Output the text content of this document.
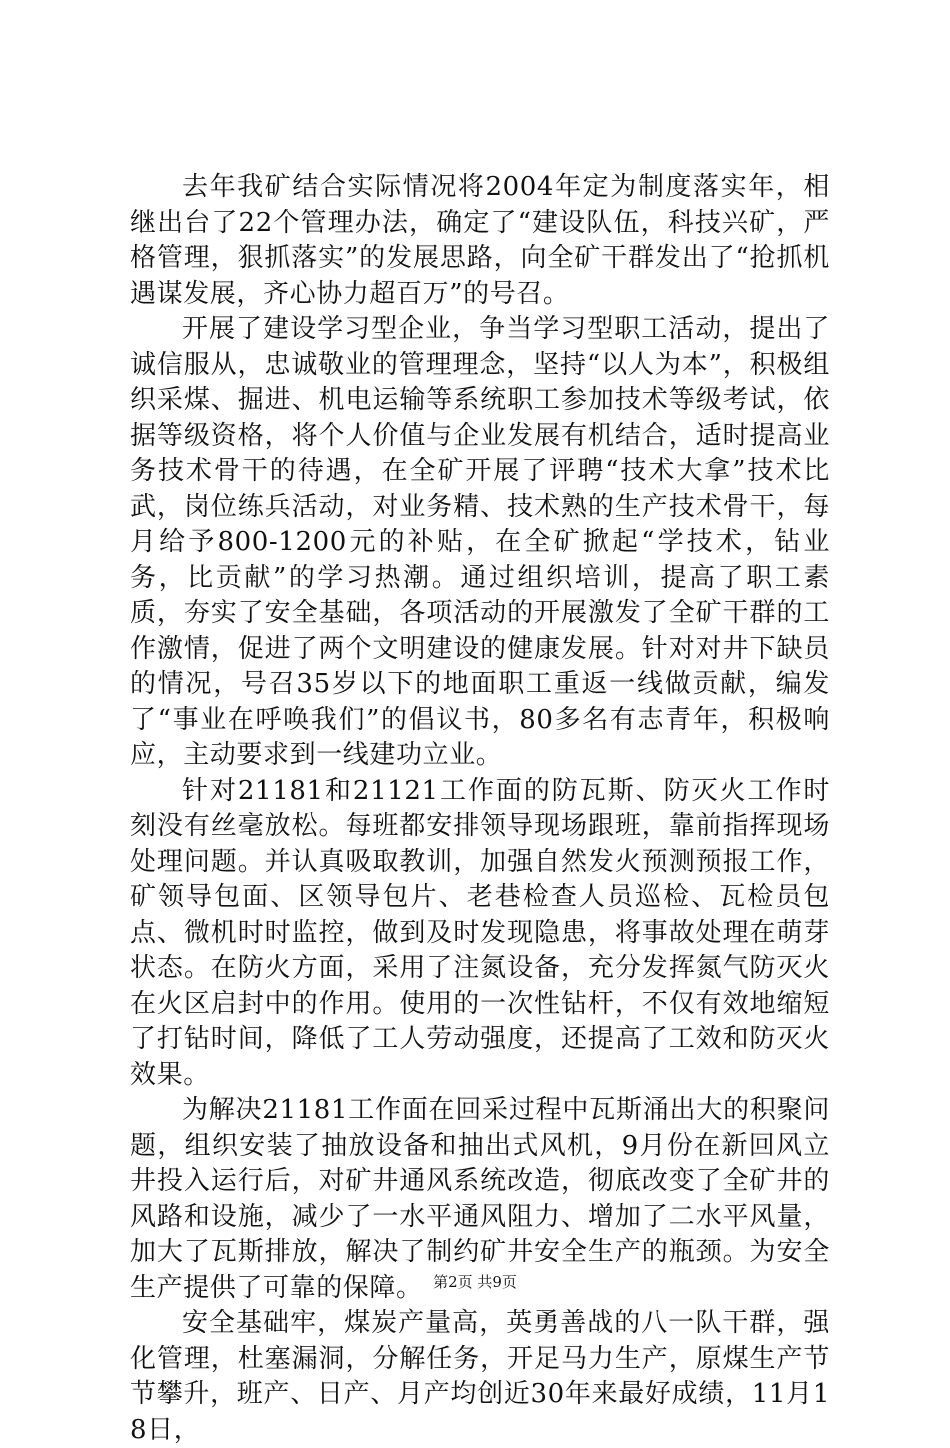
去年我矿结合实际情况将2004年定为制度落实年，相继出台了22个管理办法，确定了“建设队伍，科技兴矿，严格管理，狠抓落实”的发展思路，向全矿干群发出了“抢抓机遇谋发展，齐心协力超百万”的号召。

开展了建设学习型企业，争当学习型职工活动，提出了诚信服从，忠诚敬业的管理理念，坚持“以人为本”，积极组织采煤、掘进、机电运输等系统职工参加技术等级考试，依据等级资格，将个人价值与企业发展有机结合，适时提高业务技术骨干的待遇，在全矿开展了评聘“技术大拿”技术比武，岗位练兵活动，对业务精、技术熟的生产技术骨干，每月给予800-1200元的补贴，在全矿掀起“学技术，钻业务，比贡献”的学习热潮。通过组织培训，提高了职工素质，夯实了安全基础，各项活动的开展激发了全矿干群的工作激情，促进了两个文明建设的健康发展。针对对井下缺员的情况，号召35岁以下的地面职工重返一线做贡献，编发了“事业在呼唤我们”的倡议书，80多名有志青年，积极响应，主动要求到一线建功立业。

针对21181和21121工作面的防瓦斯、防灭火工作时刻没有丝毫放松。每班都安排领导现场跟班，靠前指挥现场处理问题。并认真吸取教训，加强自然发火预测预报工作，矿领导包面、区领导包片、老巷检查人员巡检、瓦检员包点、微机时时监控，做到及时发现隐患，将事故处理在萌芽状态。在防火方面，采用了注氮设备，充分发挥氮气防灭火在火区启封中的作用。使用的一次性钻杆，不仅有效地缩短了打钻时间，降低了工人劳动强度，还提高了工效和防灭火效果。

为解决21181工作面在回采过程中瓦斯涌出大的积聚问题，组织安装了抽放设备和抽出式风机，9月份在新回风立井投入运行后，对矿井通风系统改造，彻底改变了全矿井的风路和设施，减少了一水平通风阻力、增加了二水平风量，加大了瓦斯排放，解决了制约矿井安全生产的瓶颈。为安全生产提供了可靠的保障。

安全基础牢，煤炭产量高，英勇善战的八一队干群，强化管理，杜塞漏洞，分解任务，开足马力生产，原煤生产节节攀升，班产、日产、月产均创近30年来最好成绩，11月18日，

第2页 共9页
